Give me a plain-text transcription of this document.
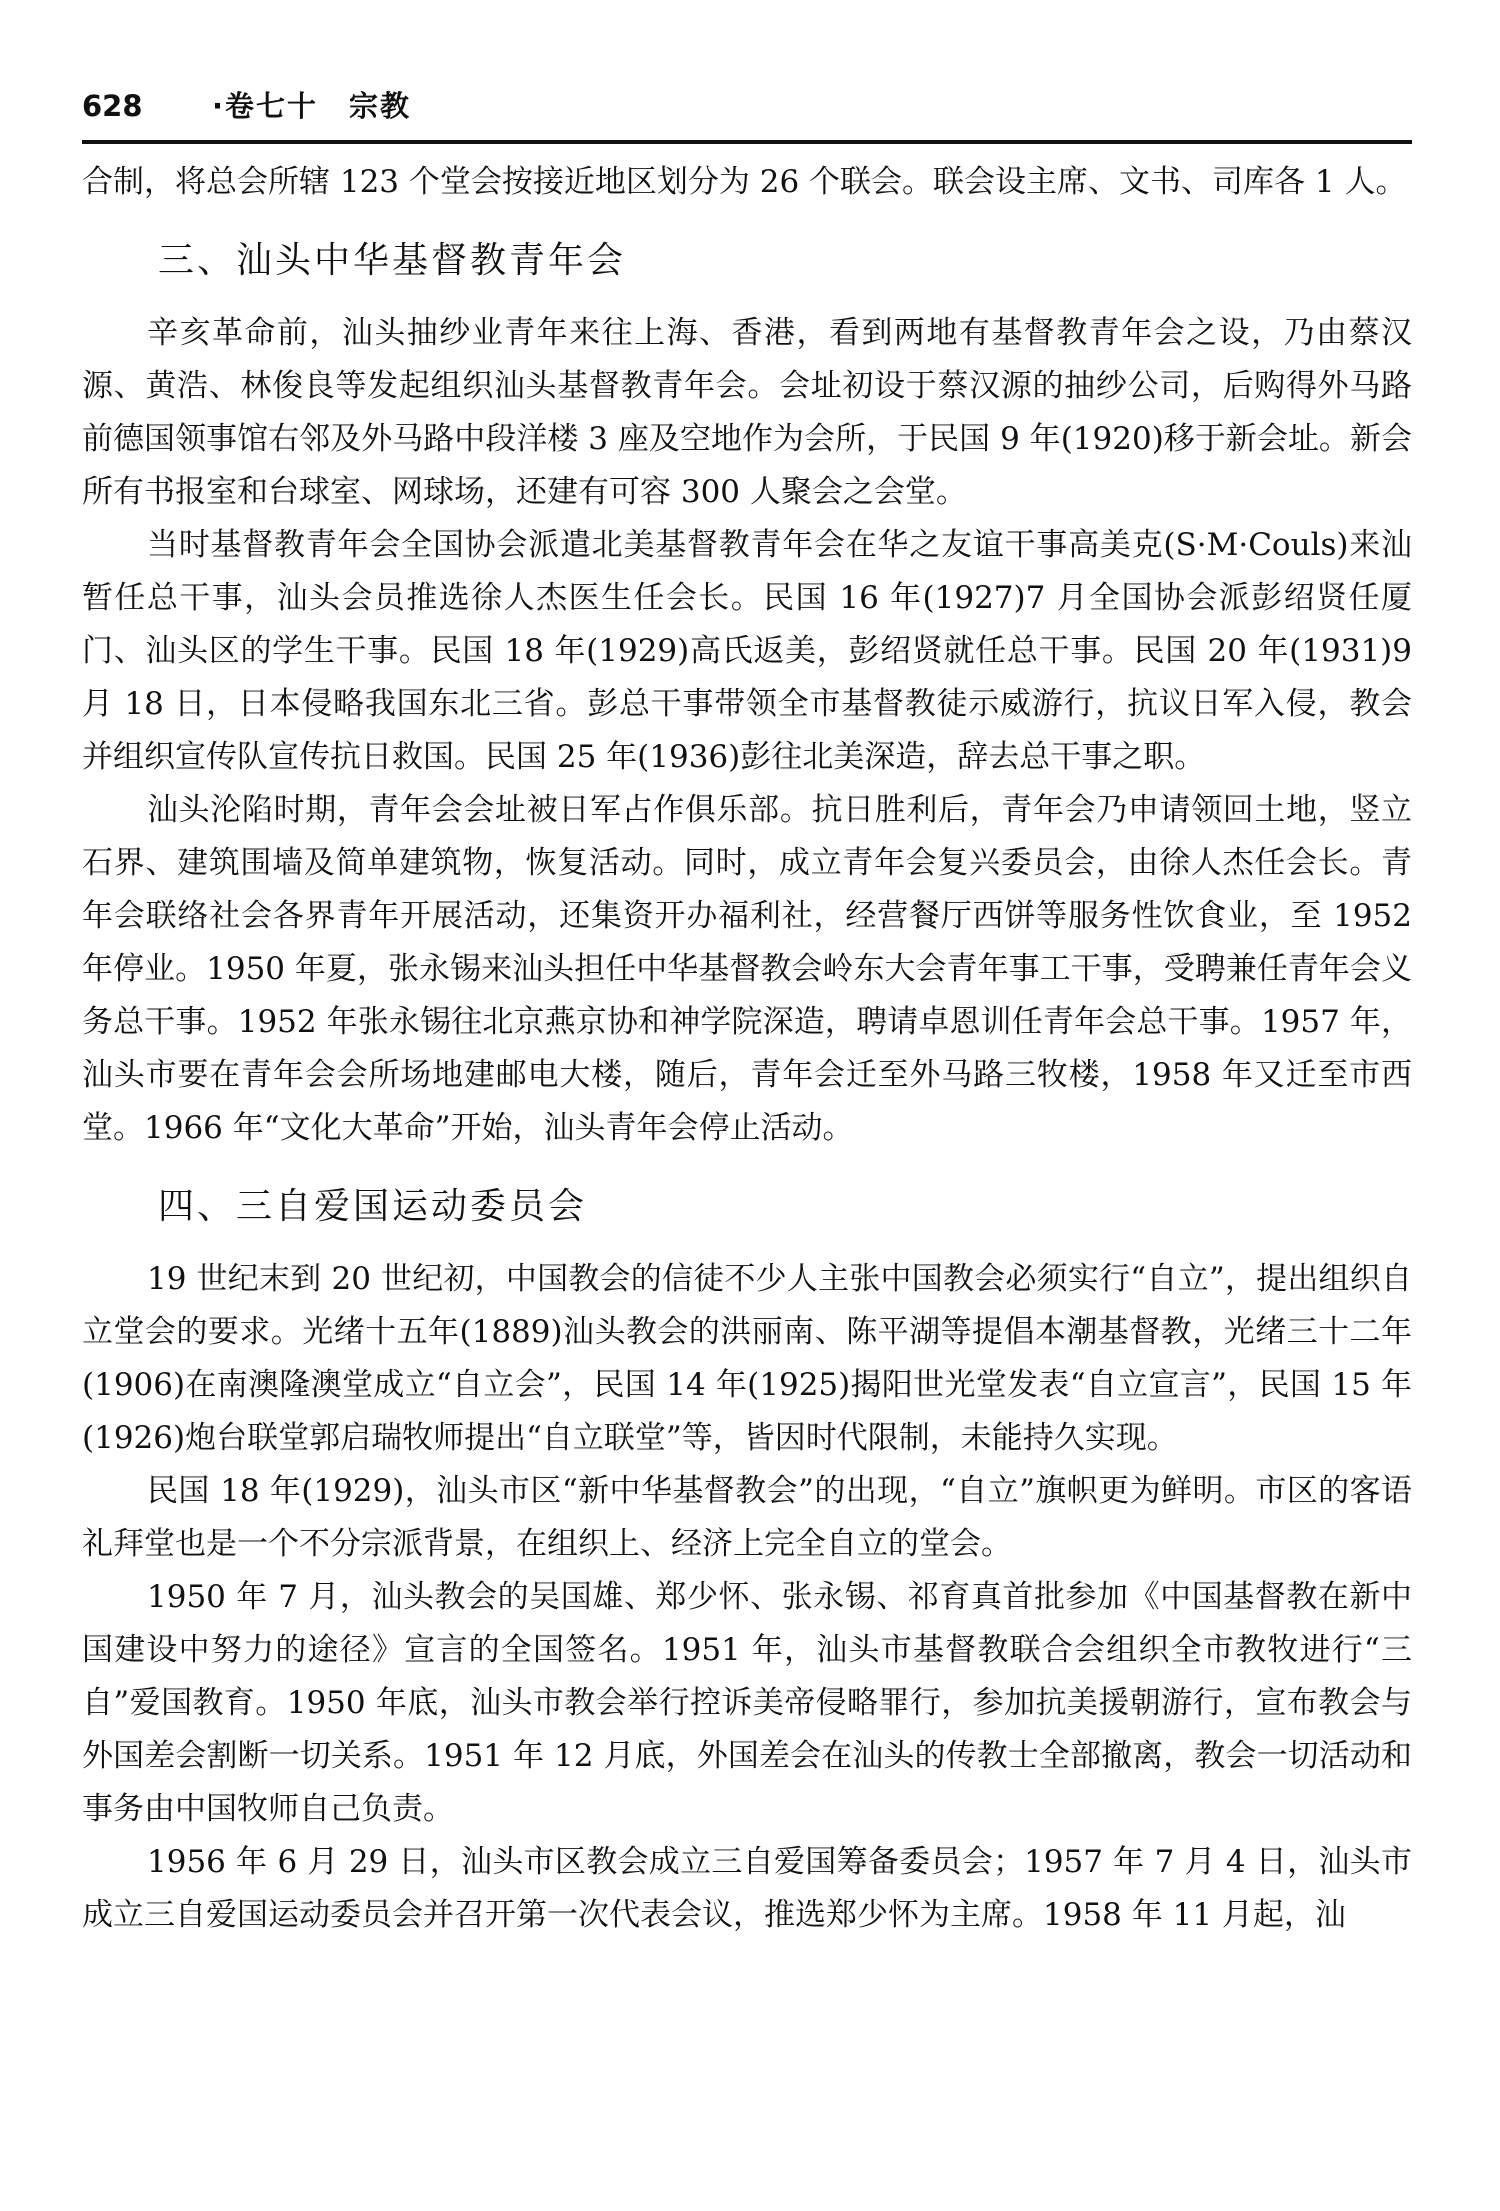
628	·卷七十　宗教

合制，将总会所辖 123 个堂会按接近地区划分为 26 个联会。联会设主席、文书、司库各 1 人。

三、汕头中华基督教青年会

辛亥革命前，汕头抽纱业青年来往上海、香港，看到两地有基督教青年会之设，乃由蔡汉源、黄浩、林俊良等发起组织汕头基督教青年会。会址初设于蔡汉源的抽纱公司，后购得外马路前德国领事馆右邻及外马路中段洋楼 3 座及空地作为会所，于民国 9 年(1920)移于新会址。新会所有书报室和台球室、网球场，还建有可容 300 人聚会之会堂。

当时基督教青年会全国协会派遣北美基督教青年会在华之友谊干事高美克(S·M·Couls)来汕暂任总干事，汕头会员推选徐人杰医生任会长。民国 16 年(1927)7 月全国协会派彭绍贤任厦门、汕头区的学生干事。民国 18 年(1929)高氏返美，彭绍贤就任总干事。民国 20 年(1931)9 月 18 日，日本侵略我国东北三省。彭总干事带领全市基督教徒示威游行，抗议日军入侵，教会并组织宣传队宣传抗日救国。民国 25 年(1936)彭往北美深造，辞去总干事之职。

汕头沦陷时期，青年会会址被日军占作俱乐部。抗日胜利后，青年会乃申请领回土地，竖立石界、建筑围墙及简单建筑物，恢复活动。同时，成立青年会复兴委员会，由徐人杰任会长。青年会联络社会各界青年开展活动，还集资开办福利社，经营餐厅西饼等服务性饮食业，至 1952 年停业。1950 年夏，张永锡来汕头担任中华基督教会岭东大会青年事工干事，受聘兼任青年会义务总干事。1952 年张永锡往北京燕京协和神学院深造，聘请卓恩训任青年会总干事。1957 年，汕头市要在青年会会所场地建邮电大楼，随后，青年会迁至外马路三牧楼，1958 年又迁至市西堂。1966 年“文化大革命”开始，汕头青年会停止活动。

四、三自爱国运动委员会

19 世纪末到 20 世纪初，中国教会的信徒不少人主张中国教会必须实行“自立”，提出组织自立堂会的要求。光绪十五年(1889)汕头教会的洪丽南、陈平湖等提倡本潮基督教，光绪三十二年(1906)在南澳隆澳堂成立“自立会”，民国 14 年(1925)揭阳世光堂发表“自立宣言”，民国 15 年(1926)炮台联堂郭启瑞牧师提出“自立联堂”等，皆因时代限制，未能持久实现。

民国 18 年(1929)，汕头市区“新中华基督教会”的出现，“自立”旗帜更为鲜明。市区的客语礼拜堂也是一个不分宗派背景，在组织上、经济上完全自立的堂会。

1950 年 7 月，汕头教会的吴国雄、郑少怀、张永锡、祁育真首批参加《中国基督教在新中国建设中努力的途径》宣言的全国签名。1951 年，汕头市基督教联合会组织全市教牧进行“三自”爱国教育。1950 年底，汕头市教会举行控诉美帝侵略罪行，参加抗美援朝游行，宣布教会与外国差会割断一切关系。1951 年 12 月底，外国差会在汕头的传教士全部撤离，教会一切活动和事务由中国牧师自己负责。

1956 年 6 月 29 日，汕头市区教会成立三自爱国筹备委员会；1957 年 7 月 4 日，汕头市成立三自爱国运动委员会并召开第一次代表会议，推选郑少怀为主席。1958 年 11 月起，汕
